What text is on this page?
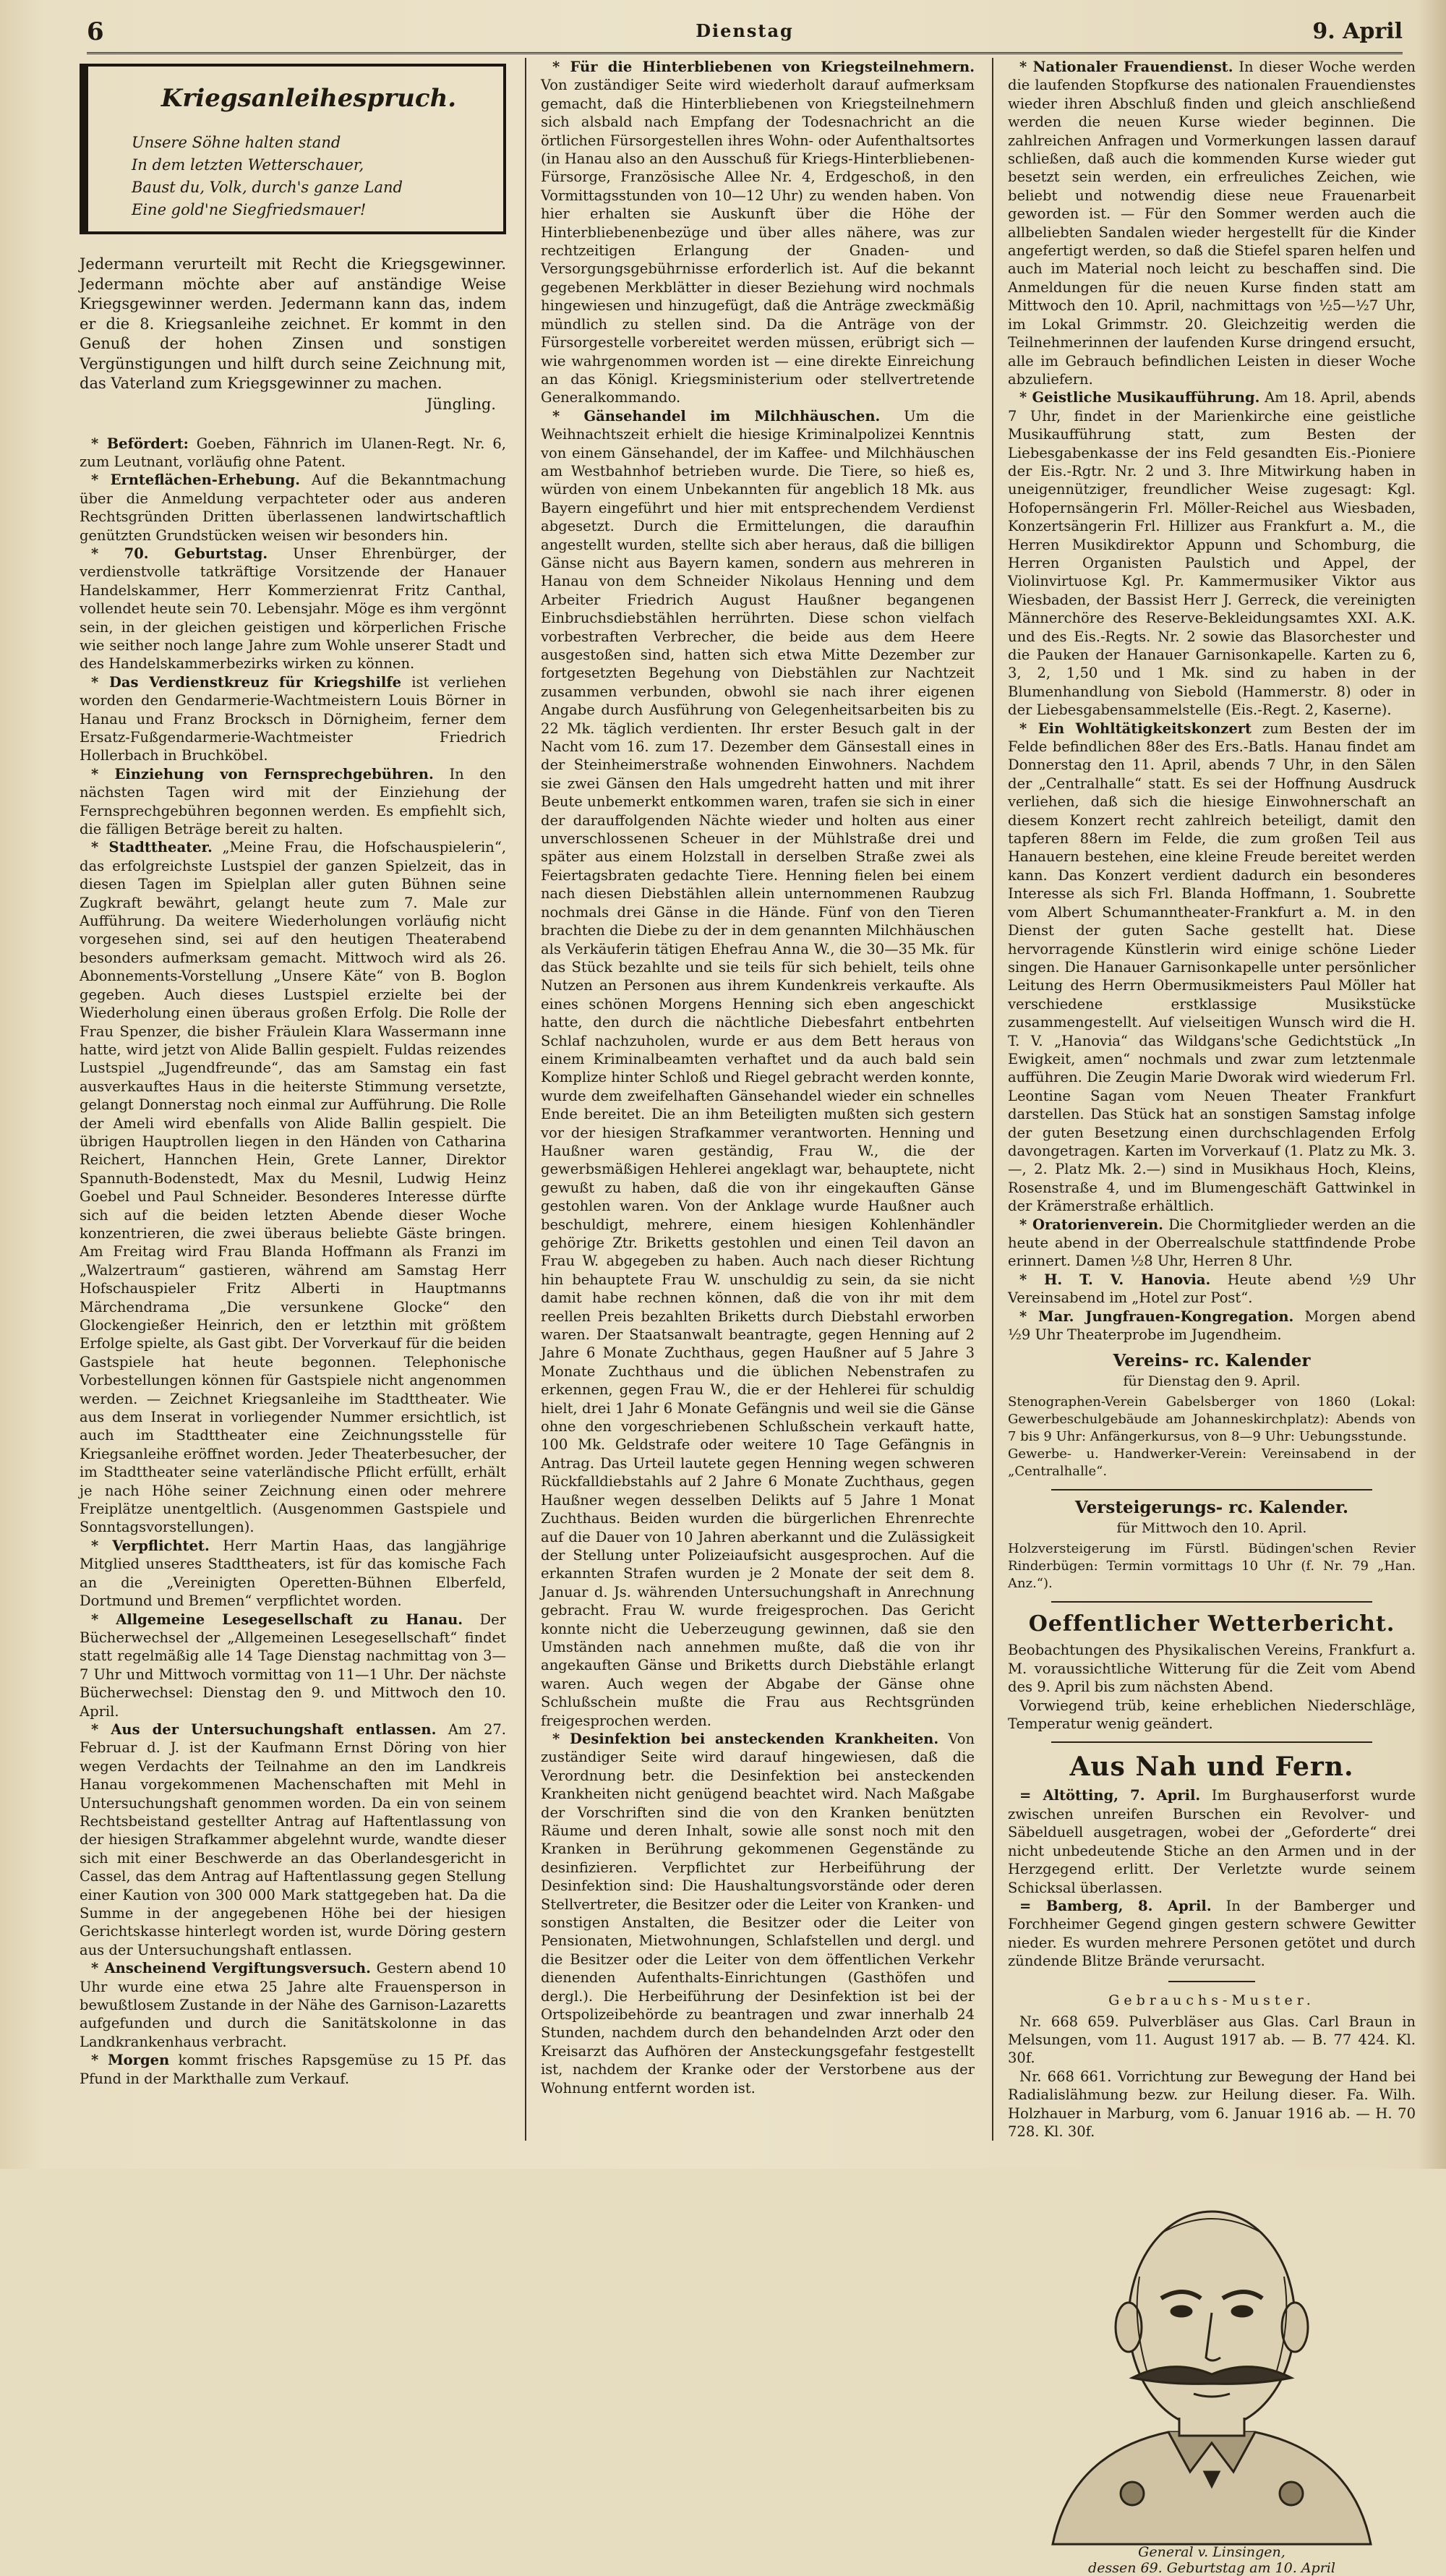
6	Dienstag	9. April
Kriegsanleihespruch.
Unsere Söhne halten stand
In dem letzten Wetterschauer,
Baust du, Volk, durch's ganze Land
Eine gold'ne Siegfriedsmauer!
Jedermann verurteilt mit Recht die Kriegsgewinner. Jedermann möchte aber auf anständige Weise Kriegsgewinner werden. Jedermann kann das, indem er die 8. Kriegsanleihe zeichnet. Er kommt in den Genuß der hohen Zinsen und sonstigen Vergünstigungen und hilft durch seine Zeichnung mit, das Vaterland zum Kriegsgewinner zu machen.
Jüngling.

* Befördert: Goeben, Fähnrich im Ulanen-Regt. Nr. 6, zum Leutnant, vorläufig ohne Patent.

* Ernteflächen-Erhebung. Auf die Bekanntmachung über die Anmeldung verpachteter oder aus anderen Rechtsgründen Dritten überlassenen landwirtschaftlich genützten Grundstücken weisen wir besonders hin.

* 70. Geburtstag. Unser Ehrenbürger, der verdienstvolle tatkräftige Vorsitzende der Hanauer Handelskammer, Herr Kommerzienrat Fritz Canthal, vollendet heute sein 70. Lebensjahr. Möge es ihm vergönnt sein, in der gleichen geistigen und körperlichen Frische wie seither noch lange Jahre zum Wohle unserer Stadt und des Handelskammerbezirks wirken zu können.

* Das Verdienstkreuz für Kriegshilfe ist verliehen worden den Gendarmerie-Wachtmeistern Louis Börner in Hanau und Franz Brocksch in Dörnigheim, ferner dem Ersatz-Fußgendarmerie-Wachtmeister Friedrich Hollerbach in Bruchköbel.

* Einziehung von Fernsprechgebühren. In den nächsten Tagen wird mit der Einziehung der Fernsprechgebühren begonnen werden. Es empfiehlt sich, die fälligen Beträge bereit zu halten.

* Stadttheater. „Meine Frau, die Hofschauspielerin“, das erfolgreichste Lustspiel der ganzen Spielzeit, das in diesen Tagen im Spielplan aller guten Bühnen seine Zugkraft bewährt, gelangt heute zum 7. Male zur Aufführung. Da weitere Wiederholungen vorläufig nicht vorgesehen sind, sei auf den heutigen Theaterabend besonders aufmerksam gemacht. Mittwoch wird als 26. Abonnements-Vorstellung „Unsere Käte“ von B. Boglon gegeben. Auch dieses Lustspiel erzielte bei der Wiederholung einen überaus großen Erfolg. Die Rolle der Frau Spenzer, die bisher Fräulein Klara Wassermann inne hatte, wird jetzt von Alide Ballin gespielt. Fuldas reizendes Lustspiel „Jugendfreunde“, das am Samstag ein fast ausverkauftes Haus in die heiterste Stimmung versetzte, gelangt Donnerstag noch einmal zur Aufführung. Die Rolle der Ameli wird ebenfalls von Alide Ballin gespielt. Die übrigen Hauptrollen liegen in den Händen von Catharina Reichert, Hannchen Hein, Grete Lanner, Direktor Spannuth-Bodenstedt, Max du Mesnil, Ludwig Heinz Goebel und Paul Schneider. Besonderes Interesse dürfte sich auf die beiden letzten Abende dieser Woche konzentrieren, die zwei überaus beliebte Gäste bringen. Am Freitag wird Frau Blanda Hoffmann als Franzi im „Walzertraum“ gastieren, während am Samstag Herr Hofschauspieler Fritz Alberti in Hauptmanns Märchendrama „Die versunkene Glocke“ den Glockengießer Heinrich, den er letzthin mit größtem Erfolge spielte, als Gast gibt. Der Vorverkauf für die beiden Gastspiele hat heute begonnen. Telephonische Vorbestellungen können für Gastspiele nicht angenommen werden. — Zeichnet Kriegsanleihe im Stadttheater. Wie aus dem Inserat in vorliegender Nummer ersichtlich, ist auch im Stadttheater eine Zeichnungsstelle für Kriegsanleihe eröffnet worden. Jeder Theaterbesucher, der im Stadttheater seine vaterländische Pflicht erfüllt, erhält je nach Höhe seiner Zeichnung einen oder mehrere Freiplätze unentgeltlich. (Ausgenommen Gastspiele und Sonntagsvorstellungen).

* Verpflichtet. Herr Martin Haas, das langjährige Mitglied unseres Stadttheaters, ist für das komische Fach an die „Vereinigten Operetten-Bühnen Elberfeld, Dortmund und Bremen“ verpflichtet worden.

* Allgemeine Lesegesellschaft zu Hanau. Der Bücherwechsel der „Allgemeinen Lesegesellschaft“ findet statt regelmäßig alle 14 Tage Dienstag nachmittag von 3—7 Uhr und Mittwoch vormittag von 11—1 Uhr. Der nächste Bücherwechsel: Dienstag den 9. und Mittwoch den 10. April.

* Aus der Untersuchungshaft entlassen. Am 27. Februar d. J. ist der Kaufmann Ernst Döring von hier wegen Verdachts der Teilnahme an den im Landkreis Hanau vorgekommenen Machenschaften mit Mehl in Untersuchungshaft genommen worden. Da ein von seinem Rechtsbeistand gestellter Antrag auf Haftentlassung von der hiesigen Strafkammer abgelehnt wurde, wandte dieser sich mit einer Beschwerde an das Oberlandesgericht in Cassel, das dem Antrag auf Haftentlassung gegen Stellung einer Kaution von 300 000 Mark stattgegeben hat. Da die Summe in der angegebenen Höhe bei der hiesigen Gerichtskasse hinterlegt worden ist, wurde Döring gestern aus der Untersuchungshaft entlassen.

* Anscheinend Vergiftungsversuch. Gestern abend 10 Uhr wurde eine etwa 25 Jahre alte Frauensperson in bewußtlosem Zustande in der Nähe des Garnison-Lazaretts aufgefunden und durch die Sanitätskolonne in das Landkrankenhaus verbracht.

* Morgen kommt frisches Rapsgemüse zu 15 Pf. das Pfund in der Markthalle zum Verkauf.

* Für die Hinterbliebenen von Kriegsteilnehmern. Von zuständiger Seite wird wiederholt darauf aufmerksam gemacht, daß die Hinterbliebenen von Kriegsteilnehmern sich alsbald nach Empfang der Todesnachricht an die örtlichen Fürsorgestellen ihres Wohn- oder Aufenthaltsortes (in Hanau also an den Ausschuß für Kriegs-Hinterbliebenen-Fürsorge, Französische Allee Nr. 4, Erdgeschoß, in den Vormittagsstunden von 10—12 Uhr) zu wenden haben. Von hier erhalten sie Auskunft über die Höhe der Hinterbliebenenbezüge und über alles nähere, was zur rechtzeitigen Erlangung der Gnaden- und Versorgungsgebührnisse erforderlich ist. Auf die bekannt gegebenen Merkblätter in dieser Beziehung wird nochmals hingewiesen und hinzugefügt, daß die Anträge zweckmäßig mündlich zu stellen sind. Da die Anträge von der Fürsorgestelle vorbereitet werden müssen, erübrigt sich — wie wahrgenommen worden ist — eine direkte Einreichung an das Königl. Kriegsministerium oder stellvertretende Generalkommando.

* Gänsehandel im Milchhäuschen. Um die Weihnachtszeit erhielt die hiesige Kriminalpolizei Kenntnis von einem Gänsehandel, der im Kaffee- und Milchhäuschen am Westbahnhof betrieben wurde. Die Tiere, so hieß es, würden von einem Unbekannten für angeblich 18 Mk. aus Bayern eingeführt und hier mit entsprechendem Verdienst abgesetzt. Durch die Ermittelungen, die daraufhin angestellt wurden, stellte sich aber heraus, daß die billigen Gänse nicht aus Bayern kamen, sondern aus mehreren in Hanau von dem Schneider Nikolaus Henning und dem Arbeiter Friedrich August Haußner begangenen Einbruchsdiebstählen herrührten. Diese schon vielfach vorbestraften Verbrecher, die beide aus dem Heere ausgestoßen sind, hatten sich etwa Mitte Dezember zur fortgesetzten Begehung von Diebstählen zur Nachtzeit zusammen verbunden, obwohl sie nach ihrer eigenen Angabe durch Ausführung von Gelegenheitsarbeiten bis zu 22 Mk. täglich verdienten. Ihr erster Besuch galt in der Nacht vom 16. zum 17. Dezember dem Gänsestall eines in der Steinheimerstraße wohnenden Einwohners. Nachdem sie zwei Gänsen den Hals umgedreht hatten und mit ihrer Beute unbemerkt entkommen waren, trafen sie sich in einer der darauffolgenden Nächte wieder und holten aus einer unverschlossenen Scheuer in der Mühlstraße drei und später aus einem Holzstall in derselben Straße zwei als Feiertagsbraten gedachte Tiere. Henning fielen bei einem nach diesen Diebstählen allein unternommenen Raubzug nochmals drei Gänse in die Hände. Fünf von den Tieren brachten die Diebe zu der in dem genannten Milchhäuschen als Verkäuferin tätigen Ehefrau Anna W., die 30—35 Mk. für das Stück bezahlte und sie teils für sich behielt, teils ohne Nutzen an Personen aus ihrem Kundenkreis verkaufte. Als eines schönen Morgens Henning sich eben angeschickt hatte, den durch die nächtliche Diebesfahrt entbehrten Schlaf nachzuholen, wurde er aus dem Bett heraus von einem Kriminalbeamten verhaftet und da auch bald sein Komplize hinter Schloß und Riegel gebracht werden konnte, wurde dem zweifelhaften Gänsehandel wieder ein schnelles Ende bereitet. Die an ihm Beteiligten mußten sich gestern vor der hiesigen Strafkammer verantworten. Henning und Haußner waren geständig, Frau W., die der gewerbsmäßigen Hehlerei angeklagt war, behauptete, nicht gewußt zu haben, daß die von ihr eingekauften Gänse gestohlen waren. Von der Anklage wurde Haußner auch beschuldigt, mehrere, einem hiesigen Kohlenhändler gehörige Ztr. Briketts gestohlen und einen Teil davon an Frau W. abgegeben zu haben. Auch nach dieser Richtung hin behauptete Frau W. unschuldig zu sein, da sie nicht damit habe rechnen können, daß die von ihr mit dem reellen Preis bezahlten Briketts durch Diebstahl erworben waren. Der Staatsanwalt beantragte, gegen Henning auf 2 Jahre 6 Monate Zuchthaus, gegen Haußner auf 5 Jahre 3 Monate Zuchthaus und die üblichen Nebenstrafen zu erkennen, gegen Frau W., die er der Hehlerei für schuldig hielt, drei 1 Jahr 6 Monate Gefängnis und weil sie die Gänse ohne den vorgeschriebenen Schlußschein verkauft hatte, 100 Mk. Geldstrafe oder weitere 10 Tage Gefängnis in Antrag. Das Urteil lautete gegen Henning wegen schweren Rückfalldiebstahls auf 2 Jahre 6 Monate Zuchthaus, gegen Haußner wegen desselben Delikts auf 5 Jahre 1 Monat Zuchthaus. Beiden wurden die bürgerlichen Ehrenrechte auf die Dauer von 10 Jahren aberkannt und die Zulässigkeit der Stellung unter Polizeiaufsicht ausgesprochen. Auf die erkannten Strafen wurden je 2 Monate der seit dem 8. Januar d. Js. währenden Untersuchungshaft in Anrechnung gebracht. Frau W. wurde freigesprochen. Das Gericht konnte nicht die Ueberzeugung gewinnen, daß sie den Umständen nach annehmen mußte, daß die von ihr angekauften Gänse und Briketts durch Diebstähle erlangt waren. Auch wegen der Abgabe der Gänse ohne Schlußschein mußte die Frau aus Rechtsgründen freigesprochen werden.

* Desinfektion bei ansteckenden Krankheiten. Von zuständiger Seite wird darauf hingewiesen, daß die Verordnung betr. die Desinfektion bei ansteckenden Krankheiten nicht genügend beachtet wird. Nach Maßgabe der Vorschriften sind die von den Kranken benützten Räume und deren Inhalt, sowie alle sonst noch mit den Kranken in Berührung gekommenen Gegenstände zu desinfizieren. Verpflichtet zur Herbeiführung der Desinfektion sind: Die Haushaltungsvorstände oder deren Stellvertreter, die Besitzer oder die Leiter von Kranken- und sonstigen Anstalten, die Besitzer oder die Leiter von Pensionaten, Mietwohnungen, Schlafstellen und dergl. und die Besitzer oder die Leiter von dem öffentlichen Verkehr dienenden Aufenthalts-Einrichtungen (Gasthöfen und dergl.). Die Herbeiführung der Desinfektion ist bei der Ortspolizeibehörde zu beantragen und zwar innerhalb 24 Stunden, nachdem durch den behandelnden Arzt oder den Kreisarzt das Aufhören der Ansteckungsgefahr festgestellt ist, nachdem der Kranke oder der Verstorbene aus der Wohnung entfernt worden ist.

* Nationaler Frauendienst. In dieser Woche werden die laufenden Stopfkurse des nationalen Frauendienstes wieder ihren Abschluß finden und gleich anschließend werden die neuen Kurse wieder beginnen. Die zahlreichen Anfragen und Vormerkungen lassen darauf schließen, daß auch die kommenden Kurse wieder gut besetzt sein werden, ein erfreuliches Zeichen, wie beliebt und notwendig diese neue Frauenarbeit geworden ist. — Für den Sommer werden auch die allbeliebten Sandalen wieder hergestellt für die Kinder angefertigt werden, so daß die Stiefel sparen helfen und auch im Material noch leicht zu beschaffen sind. Die Anmeldungen für die neuen Kurse finden statt am Mittwoch den 10. April, nachmittags von ½5—½7 Uhr, im Lokal Grimmstr. 20. Gleichzeitig werden die Teilnehmerinnen der laufenden Kurse dringend ersucht, alle im Gebrauch befindlichen Leisten in dieser Woche abzuliefern.

* Geistliche Musikaufführung. Am 18. April, abends 7 Uhr, findet in der Marienkirche eine geistliche Musikaufführung statt, zum Besten der Liebesgabenkasse der ins Feld gesandten Eis.-Pioniere der Eis.-Rgtr. Nr. 2 und 3. Ihre Mitwirkung haben in uneigennütziger, freundlicher Weise zugesagt: Kgl. Hofopernsängerin Frl. Möller-Reichel aus Wiesbaden, Konzertsängerin Frl. Hillizer aus Frankfurt a. M., die Herren Musikdirektor Appunn und Schomburg, die Herren Organisten Paulstich und Appel, der Violinvirtuose Kgl. Pr. Kammermusiker Viktor aus Wiesbaden, der Bassist Herr J. Gerreck, die vereinigten Männerchöre des Reserve-Bekleidungsamtes XXI. A.K. und des Eis.-Regts. Nr. 2 sowie das Blasorchester und die Pauken der Hanauer Garnisonkapelle. Karten zu 6, 3, 2, 1,50 und 1 Mk. sind zu haben in der Blumenhandlung von Siebold (Hammerstr. 8) oder in der Liebesgabensammelstelle (Eis.-Regt. 2, Kaserne).

* Ein Wohltätigkeitskonzert zum Besten der im Felde befindlichen 88er des Ers.-Batls. Hanau findet am Donnerstag den 11. April, abends 7 Uhr, in den Sälen der „Centralhalle“ statt. Es sei der Hoffnung Ausdruck verliehen, daß sich die hiesige Einwohnerschaft an diesem Konzert recht zahlreich beteiligt, damit den tapferen 88ern im Felde, die zum großen Teil aus Hanauern bestehen, eine kleine Freude bereitet werden kann. Das Konzert verdient dadurch ein besonderes Interesse als sich Frl. Blanda Hoffmann, 1. Soubrette vom Albert Schumanntheater-Frankfurt a. M. in den Dienst der guten Sache gestellt hat. Diese hervorragende Künstlerin wird einige schöne Lieder singen. Die Hanauer Garnisonkapelle unter persönlicher Leitung des Herrn Obermusikmeisters Paul Möller hat verschiedene erstklassige Musikstücke zusammengestellt. Auf vielseitigen Wunsch wird die H. T. V. „Hanovia“ das Wildgans'sche Gedichtstück „In Ewigkeit, amen“ nochmals und zwar zum letztenmale aufführen. Die Zeugin Marie Dworak wird wiederum Frl. Leontine Sagan vom Neuen Theater Frankfurt darstellen. Das Stück hat an sonstigen Samstag infolge der guten Besetzung einen durchschlagenden Erfolg davongetragen. Karten im Vorverkauf (1. Platz zu Mk. 3.—, 2. Platz Mk. 2.—) sind in Musikhaus Hoch, Kleins, Rosenstraße 4, und im Blumengeschäft Gattwinkel in der Krämerstraße erhältlich.

* Oratorienverein. Die Chormitglieder werden an die heute abend in der Oberrealschule stattfindende Probe erinnert. Damen ½8 Uhr, Herren 8 Uhr.

* H. T. V. Hanovia. Heute abend ½9 Uhr Vereinsabend im „Hotel zur Post“.

* Mar. Jungfrauen-Kongregation. Morgen abend ½9 Uhr Theaterprobe im Jugendheim.

Vereins- rc. Kalender
für Dienstag den 9. April.

Stenographen-Verein Gabelsberger von 1860 (Lokal: Gewerbeschulgebäude am Johanneskirchplatz): Abends von 7 bis 9 Uhr: Anfängerkursus, von 8—9 Uhr: Uebungsstunde.

Gewerbe- u. Handwerker-Verein: Vereinsabend in der „Centralhalle“.

Versteigerungs- rc. Kalender.
für Mittwoch den 10. April.

Holzversteigerung im Fürstl. Büdingen'schen Revier Rinderbügen: Termin vormittags 10 Uhr (f. Nr. 79 „Han. Anz.“).

Oeffentlicher Wetterbericht.

Beobachtungen des Physikalischen Vereins, Frankfurt a. M. voraussichtliche Witterung für die Zeit vom Abend des 9. April bis zum nächsten Abend.

Vorwiegend trüb, keine erheblichen Niederschläge, Temperatur wenig geändert.

Aus Nah und Fern.

= Altötting, 7. April. Im Burghauserforst wurde zwischen unreifen Burschen ein Revolver- und Säbelduell ausgetragen, wobei der „Geforderte“ drei nicht unbedeutende Stiche an den Armen und in der Herzgegend erlitt. Der Verletzte wurde seinem Schicksal überlassen.

= Bamberg, 8. April. In der Bamberger und Forchheimer Gegend gingen gestern schwere Gewitter nieder. Es wurden mehrere Personen getötet und durch zündende Blitze Brände verursacht.

Gebrauchs-Muster.

Nr. 668 659. Pulverbläser aus Glas. Carl Braun in Melsungen, vom 11. August 1917 ab. — B. 77 424. Kl. 30f.

Nr. 668 661. Vorrichtung zur Bewegung der Hand bei Radialislähmung bezw. zur Heilung dieser. Fa. Wilh. Holzhauer in Marburg, vom 6. Januar 1916 ab. — H. 70 728. Kl. 30f.

General v. Linsingen,
dessen 69. Geburtstag am 10. April
